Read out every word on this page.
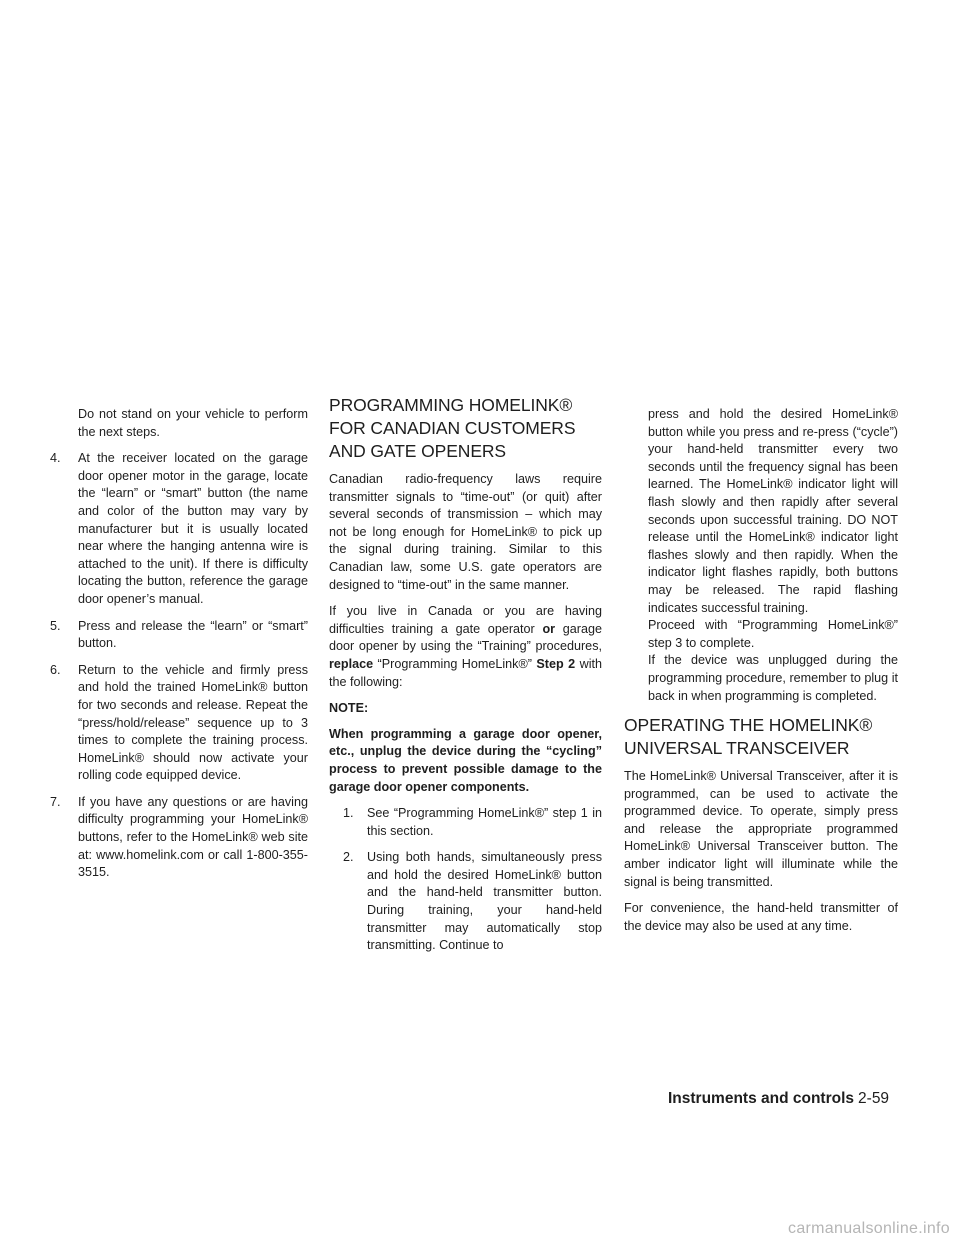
Do not stand on your vehicle to perform the next steps.

4.	At the receiver located on the garage door opener motor in the garage, locate the “learn” or “smart” button (the name and color of the button may vary by manufacturer but it is usually located near where the hanging antenna wire is attached to the unit). If there is difficulty locating the button, reference the garage door opener’s manual.
5.	Press and release the “learn” or “smart” button.
6.	Return to the vehicle and firmly press and hold the trained HomeLink® button for two seconds and release. Repeat the “press/hold/release” sequence up to 3 times to complete the training process. HomeLink® should now activate your rolling code equipped device.
7.	If you have any questions or are having difficulty programming your HomeLink® buttons, refer to the HomeLink® web site at: www.homelink.com or call 1-800-355-3515.
PROGRAMMING HOMELINK® FOR CANADIAN CUSTOMERS AND GATE OPENERS

Canadian radio-frequency laws require transmitter signals to “time-out” (or quit) after several seconds of transmission – which may not be long enough for HomeLink® to pick up the signal during training. Similar to this Canadian law, some U.S. gate operators are designed to “time-out” in the same manner.

If you live in Canada or you are having difficulties training a gate operator or garage door opener by using the “Training” procedures, replace “Programming HomeLink®” Step 2 with the following:

NOTE:

When programming a garage door opener, etc., unplug the device during the “cycling” process to prevent possible damage to the garage door opener components.

1.	See “Programming HomeLink®” step 1 in this section.
2.	Using both hands, simultaneously press and hold the desired HomeLink® button and the hand-held transmitter button. During training, your hand-held transmitter may automatically stop transmitting. Continue to

press and hold the desired HomeLink® button while you press and re-press (“cycle”) your hand-held transmitter every two seconds until the frequency signal has been learned. The HomeLink® indicator light will flash slowly and then rapidly after several seconds upon successful training. DO NOT release until the HomeLink® indicator light flashes slowly and then rapidly. When the indicator light flashes rapidly, both buttons may be released. The rapid flashing indicates successful training.

Proceed with “Programming HomeLink®” step 3 to complete.

If the device was unplugged during the programming procedure, remember to plug it back in when programming is completed.

OPERATING THE HOMELINK® UNIVERSAL TRANSCEIVER

The HomeLink® Universal Transceiver, after it is programmed, can be used to activate the programmed device. To operate, simply press and release the appropriate programmed HomeLink® Universal Transceiver button. The amber indicator light will illuminate while the signal is being transmitted.

For convenience, the hand-held transmitter of the device may also be used at any time.

Instruments and controls 2-59
carmanualsonline.info
